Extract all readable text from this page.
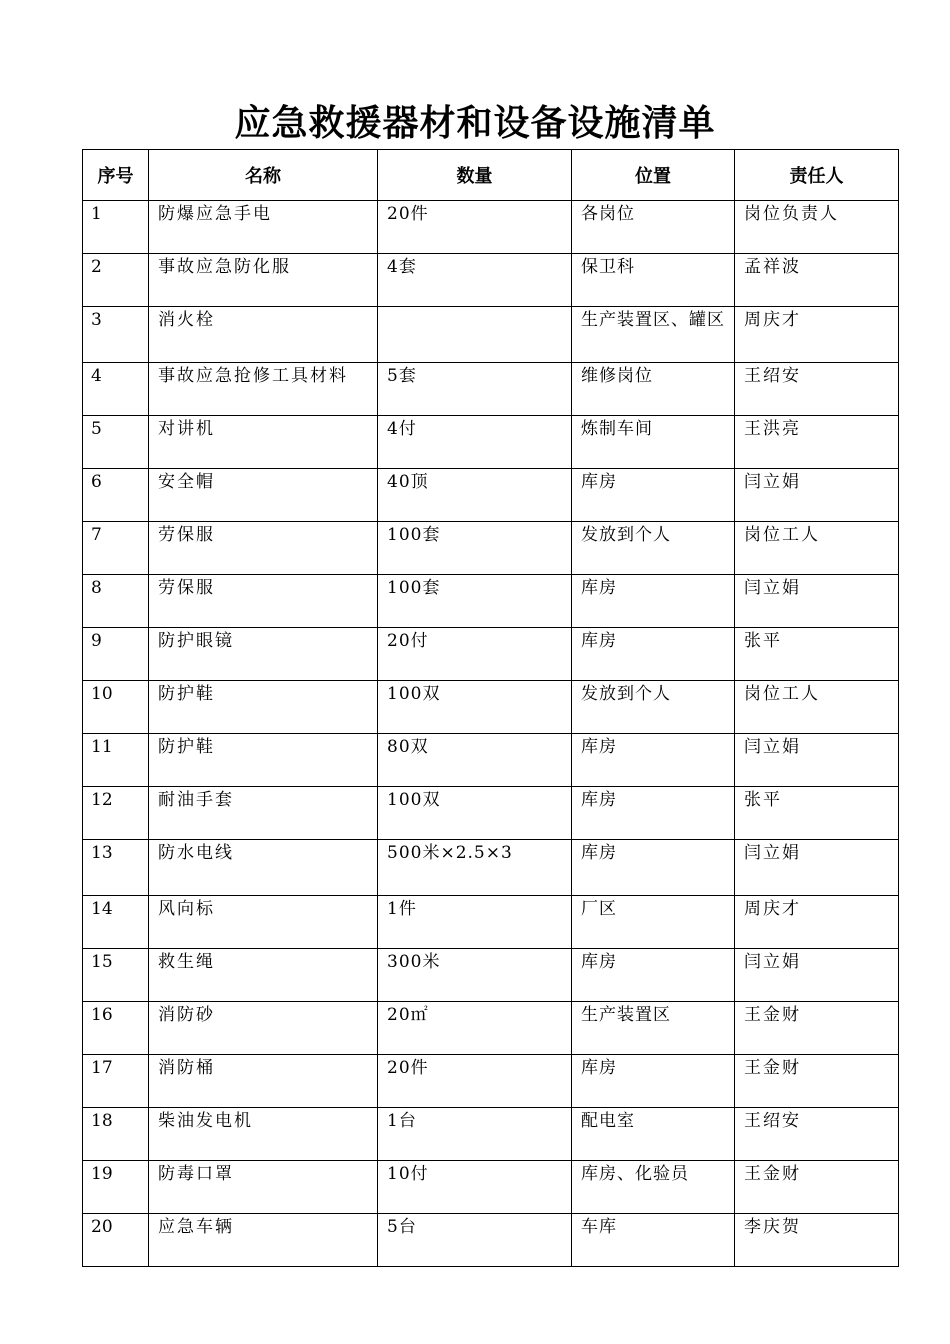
应急救援器材和设备设施清单
序号	名称	数量	位置	责任人
1	防爆应急手电	20件	各岗位	岗位负责人
2	事故应急防化服	4套	保卫科	孟祥波
3	消火栓		生产装置区、罐区	周庆才
4	事故应急抢修工具材料	5套	维修岗位	王绍安
5	对讲机	4付	炼制车间	王洪亮
6	安全帽	40顶	库房	闫立娟
7	劳保服	100套	发放到个人	岗位工人
8	劳保服	100套	库房	闫立娟
9	防护眼镜	20付	库房	张平
10	防护鞋	100双	发放到个人	岗位工人
11	防护鞋	80双	库房	闫立娟
12	耐油手套	100双	库房	张平
13	防水电线	500米×2.5×3	库房	闫立娟
14	风向标	1件	厂区	周庆才
15	救生绳	300米	库房	闫立娟
16	消防砂	20㎡	生产装置区	王金财
17	消防桶	20件	库房	王金财
18	柴油发电机	1台	配电室	王绍安
19	防毒口罩	10付	库房、化验员	王金财
20	应急车辆	5台	车库	李庆贺
